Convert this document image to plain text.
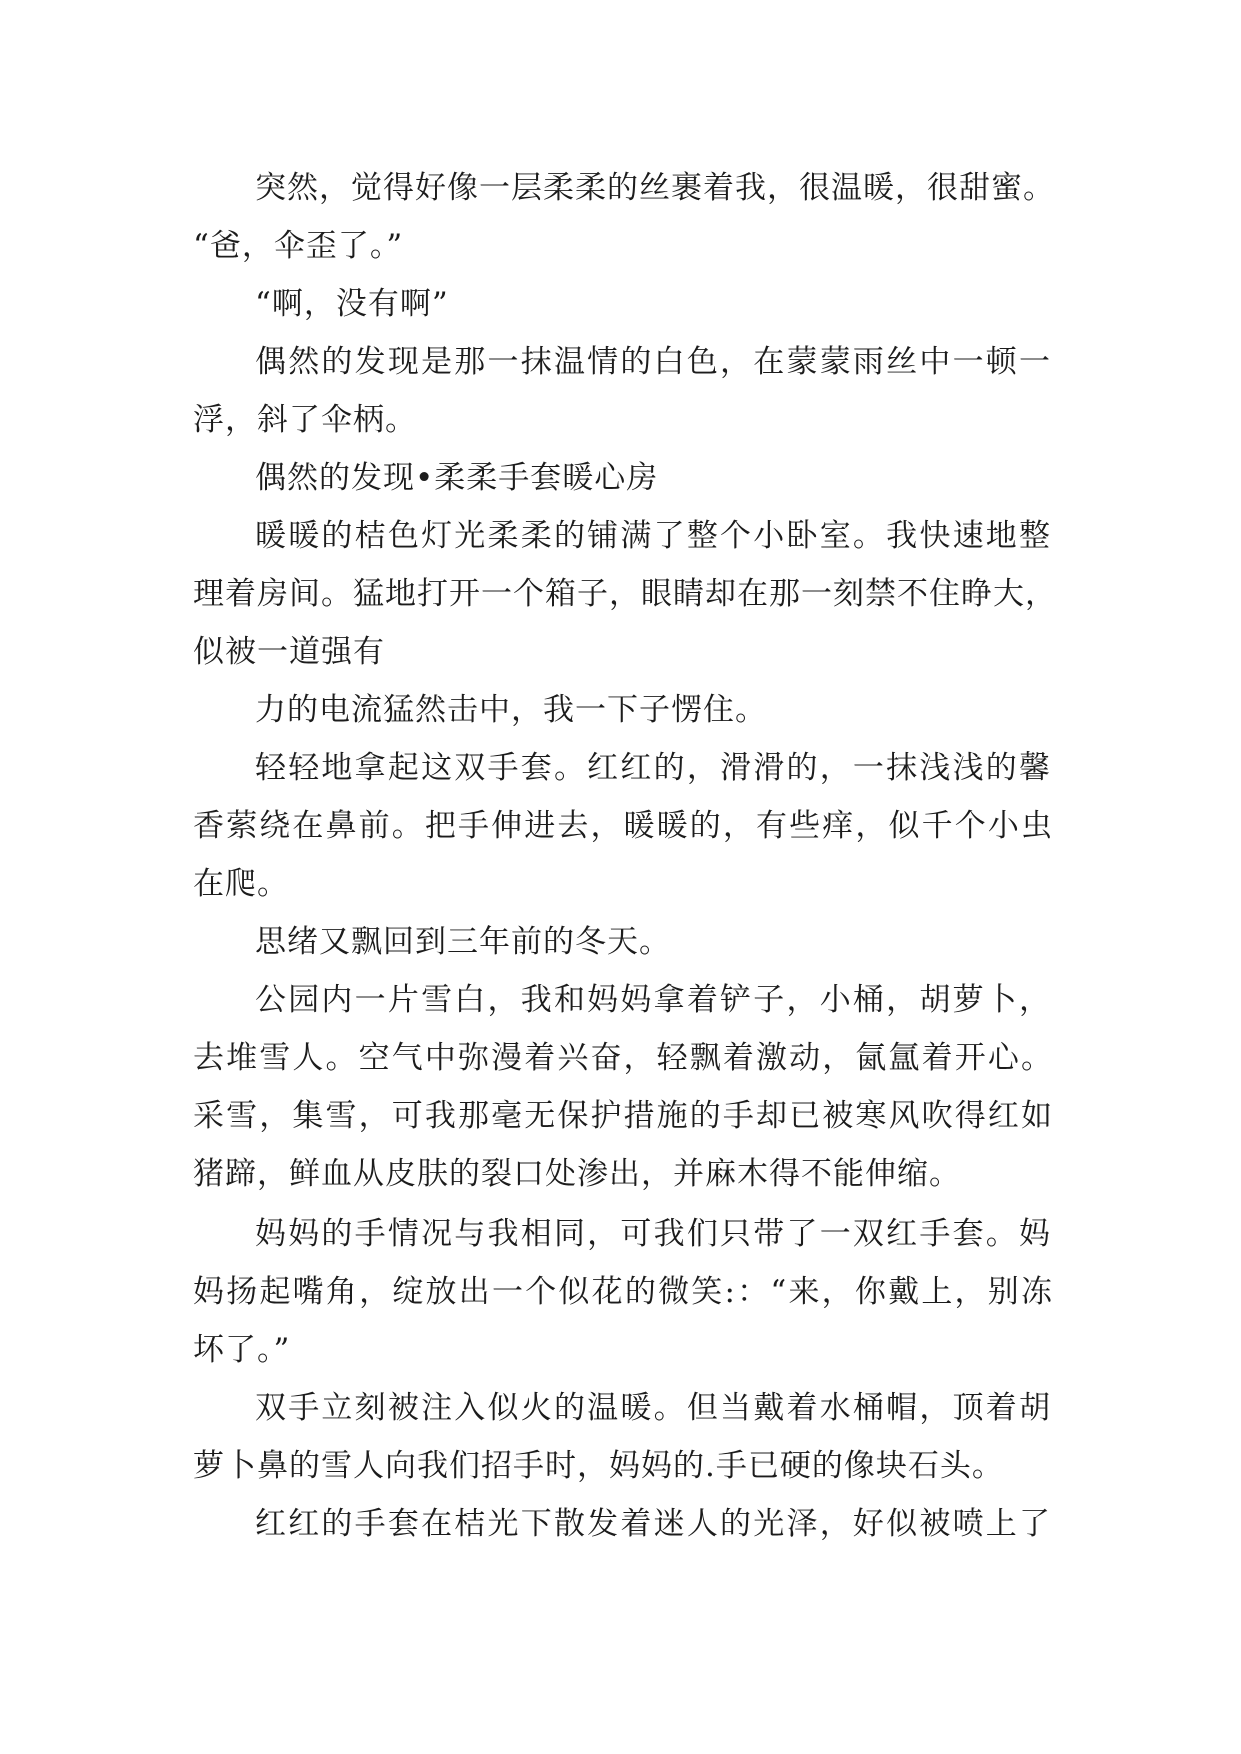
突然，觉得好像一层柔柔的丝裹着我，很温暖，很甜蜜。

“爸，伞歪了。”

“啊，没有啊”

偶然的发现是那一抹温情的白色，在蒙蒙雨丝中一顿一

浮，斜了伞柄。

偶然的发现•柔柔手套暖心房

暖暖的桔色灯光柔柔的铺满了整个小卧室。我快速地整

理着房间。猛地打开一个箱子，眼睛却在那一刻禁不住睁大，

似被一道强有

力的电流猛然击中，我一下子愣住。

轻轻地拿起这双手套。红红的，滑滑的，一抹浅浅的馨

香萦绕在鼻前。把手伸进去，暖暖的，有些痒，似千个小虫

在爬。

思绪又飘回到三年前的冬天。

公园内一片雪白，我和妈妈拿着铲子，小桶，胡萝卜，

去堆雪人。空气中弥漫着兴奋，轻飘着激动，氤氲着开心。

采雪，集雪，可我那毫无保护措施的手却已被寒风吹得红如

猪蹄，鲜血从皮肤的裂口处渗出，并麻木得不能伸缩。

妈妈的手情况与我相同，可我们只带了一双红手套。妈

妈扬起嘴角，绽放出一个似花的微笑:：“来，你戴上，别冻

坏了。”

双手立刻被注入似火的温暖。但当戴着水桶帽，顶着胡

萝卜鼻的雪人向我们招手时，妈妈的.手已硬的像块石头。

红红的手套在桔光下散发着迷人的光泽，好似被喷上了
